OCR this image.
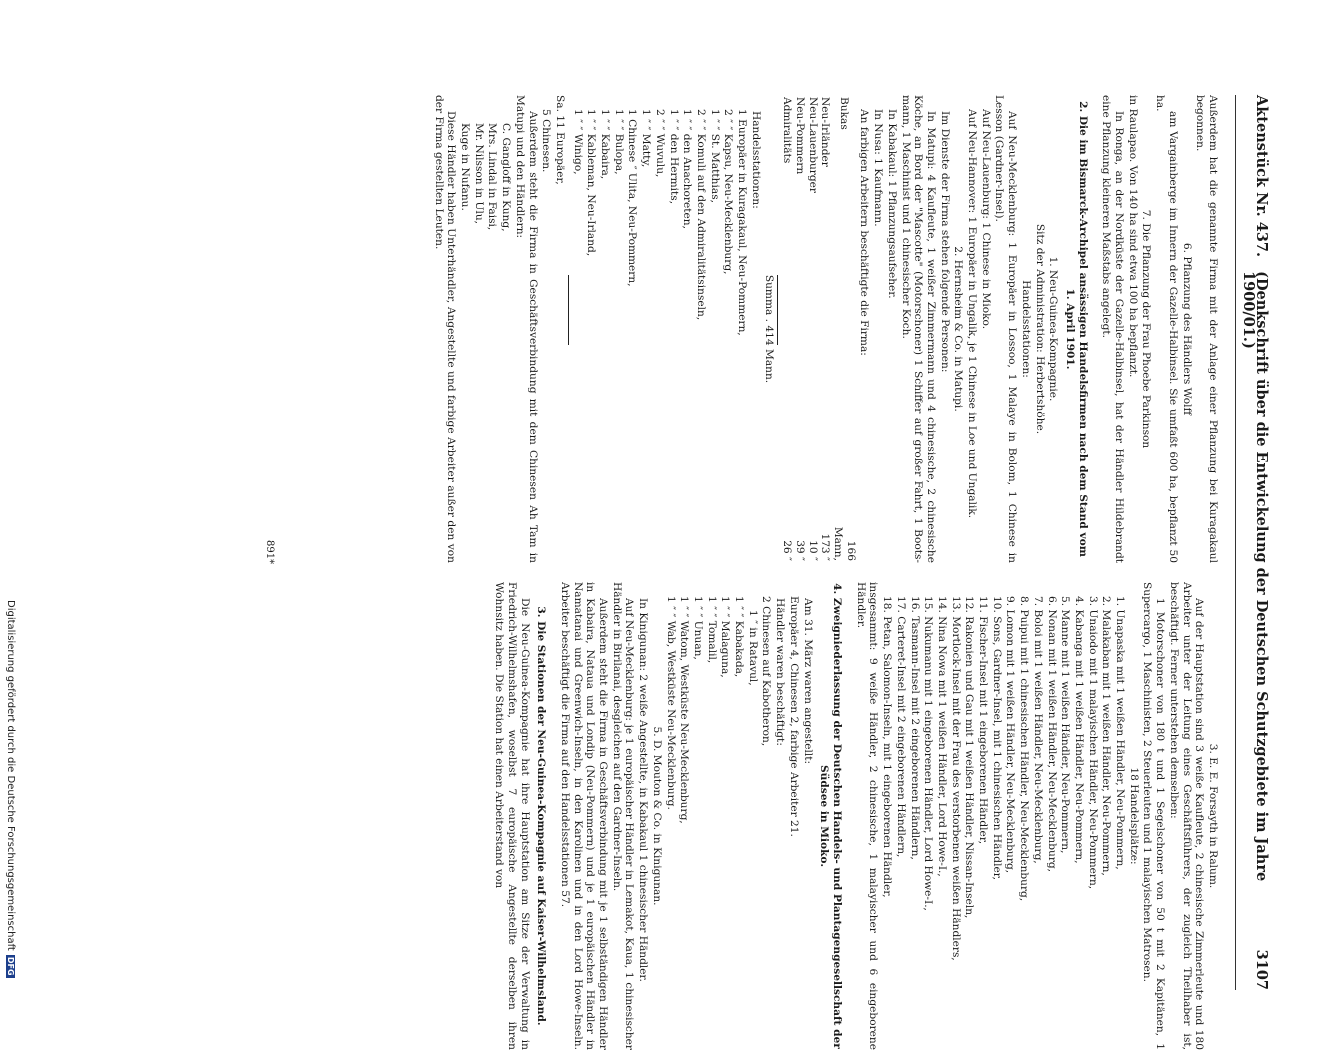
Aktenstück Nr. 437.
(Denkschrift über die Entwickelung der Deutschen Schutzgebiete im Jahre 1900/01.)
3107

Außerdem hat die genannte Firma mit der Anlage einer Pflanzung bei Kuragakaul begonnen.

6. Pflanzung des Händlers Wolff

am Vargainberge im Innern der Gazelle-Halbinsel. Sie umfaßt 600 ha, bepflanzt 50 ha.

7. Die Pflanzung der Frau Phoebe Parkinson

in Raulapao. Von 140 ha sind etwa 100 ha bepflanzt.

In Ronga, an der Nordküste der Gazelle-Halbinsel, hat der Händler Hildebrandt eine Pflanzung kleineren Maßstabs angelegt.

2. Die im Bismarck-Archipel ansässigen Handelsfirmen nach dem Stand vom 1. April 1901.

1. Neu-Guinea-Kompagnie.

Sitz der Administration: Herbertshöhe.

Handelsstationen:

Auf Neu-Mecklenburg: 1 Europäer in Lossoo, 1 Malaye in Bolom, 1 Chinese in Lesson (Gardner-Insel).

Auf Neu-Lauenburg: 1 Chinese in Mioko.

Auf Neu-Hannover: 1 Europäer in Ungalik, je 1 Chinese in Loe und Ungalik.

2. Hernsheim & Co. in Matupi.

Im Dienste der Firma stehen folgende Personen:

In Matupi: 4 Kaufleute, 1 weißer Zimmermann und 4 chinesische, 2 chinesische Köche, an Bord der "Mascotte" (Motorschoner) 1 Schiffer auf großer Fahrt, 1 Boots-mann, 1 Maschinist und 1 chinesischer Koch.

In Kabakaul: 1 Pflanzungsaufseher.

In Nusa: 1 Kaufmann.

An farbigen Arbeitern beschäftigte die Firma:

Bukas	166 Mann,
Neu-Irländer	173 ″
Neu-Lauenburger	10 ″
Neu-Pommern	39 ″
Admiralitäts	26 ″

Summa . 414 Mann.

Handelsstationen:

1 Europäer in Kuragakaul, Neu-Pommern,

2 ″ ″ Kapsu, Neu-Mecklenburg,

1 ″ ″ St. Matthias,

2 ″ ″ Komuli auf den Admiralitätsinseln,

1 ″ ″ den Anachoreten,

1 ″ ″ den Hermits,

2 ″ ″ Wuvulu,

1 ″ ″ Matty,

1 Chinese ″ Ulita, Neu-Pommern,

1 ″ ″ Bulopa,

1 ″ ″ Kabaira,

1 ″ ″ Kableman, Neu-Irland,

1 ″ ″ Winigo,

Sa. 11 Europäer,

5 Chinesen.

Außerdem steht die Firma in Geschäftsverbindung mit dem Chinesen Ah Tam in Matupi und den Händlern:

C. Gangloff in Kung,

Mrs. Lindal in Faisi,

Mr. Nilsson in Ulu,

Kuge in Nufanu.

Diese Händler haben Unterhändler, Angestellte und farbige Arbeiter außer den von der Firma gestellten Leuten.

3. E. E. Forsayth in Ralum.

Auf der Hauptstation sind 3 weiße Kaufleute, 2 chinesische Zimmerleute und 180 Arbeiter unter der Leitung eines Geschäftsführers, der zugleich Theilhaber ist, beschäftigt. Ferner unterstehen demselben:

1 Motorschoner von 180 t und 1 Segelschoner von 50 t mit 2 Kapitänen, 1 Supercargo, 1 Maschinisten, 2 Steuerleuten und 1 malayischen Matrosen.

18 Handelsplätze:

1. Unapaska mit 1 weißen Händler, Neu-Pommern,

2. Malakaban mit 1 weißen Händler, Neu-Pommern,

3. Unaiodo mit 1 malayischen Händler, Neu-Pommern,

4. Kabanga mit 1 weißen Händler, Neu-Pommern,

5. Manne mit 1 weißen Händler, Neu-Pommern,

6. Nonan mit 1 weißen Händler, Neu-Mecklenburg,

7. Boloi mit 1 weißen Händler, Neu-Mecklenburg,

8. Puipui mit 1 chinesischen Händler, Neu-Mecklenburg,

9. Lomon mit 1 weißen Händler, Neu-Mecklenburg,

10. Sons, Gardner-Insel, mit 1 chinesischen Händler,

11. Fischer-Insel mit 1 eingeborenen Händler,

12. Rakonien und Gau mit 1 weißen Händler, Nissan-Inseln,

13. Mortlock-Insel mit der Frau des verstorbenen weißen Händlers,

14. Nina Nowa mit 1 weißen Händler, Lord Howe-I.,

15. Nukumanu mit 1 eingeborenen Händler, Lord Howe-I.,

16. Tasmann-Insel mit 2 eingeborenen Händlern,

17. Carteret-Insel mit 2 eingeborenen Händlern,

18. Petan, Salomon-Inseln, mit 1 eingeborenen Händler,

insgesammt: 9 weiße Händler, 2 chinesische, 1 malayischer und 6 eingeborene Händler.

4. Zweigniederlassung der Deutschen Handels- und Plantagengesellschaft der Südsee in Mioko.

Am 31. März waren angestellt:

Europäer 4, Chinesen 2, farbige Arbeiter 21.

Händler waren beschäftigt:

2 Chinesen auf Kabotheron,

1 ″ in Ratavul,

1 ″ ″ Kabakada,

1 ″ ″ Malaguna,

1 ″ ″ Tomalil,

1 ″ ″ Unuan,

1 ″ ″ Watom, Westküste Neu-Mecklenburg,

1 ″ ″ Wab, Westküste Neu-Mecklenburg.

5. D. Mouton & Co. in Kinigunan.

In Kinigunan: 2 weiße Angestellte, in Kabakaul 1 chinesischer Händler.

Auf Neu-Mecklenburg: je 1 europäischer Händler in Lemakot, Kaua, 1 chinesischer Händler in Birilanai, desgleichen auf den Gardner-Inseln.

Außerdem steht die Firma in Geschäftsverbindung mit je 1 selbständigen Händler in Kabaira, Nataua und Londip (Neu-Pommern) und je 1 europäischen Händler in Namatanai und Greenwich-Inseln, in den Karolinen und in den Lord Howe-Inseln. Arbeiter beschäftigt die Firma auf den Handelsstationen 57.

3. Die Stationen der Neu-Guinea-Kompagnie auf Kaiser-Wilhelmsland.

Die Neu-Guinea-Kompagnie hat ihre Hauptstation am Sitze der Verwaltung in Friedrich-Wilhelmshafen, woselbst 7 europäische Angestellte derselben ihren Wohnsitz haben. Die Station hat einen Arbeiterstand von

891*
Digitalisierung gefördert durch die Deutsche ForschungsgemeinschaftDFG
